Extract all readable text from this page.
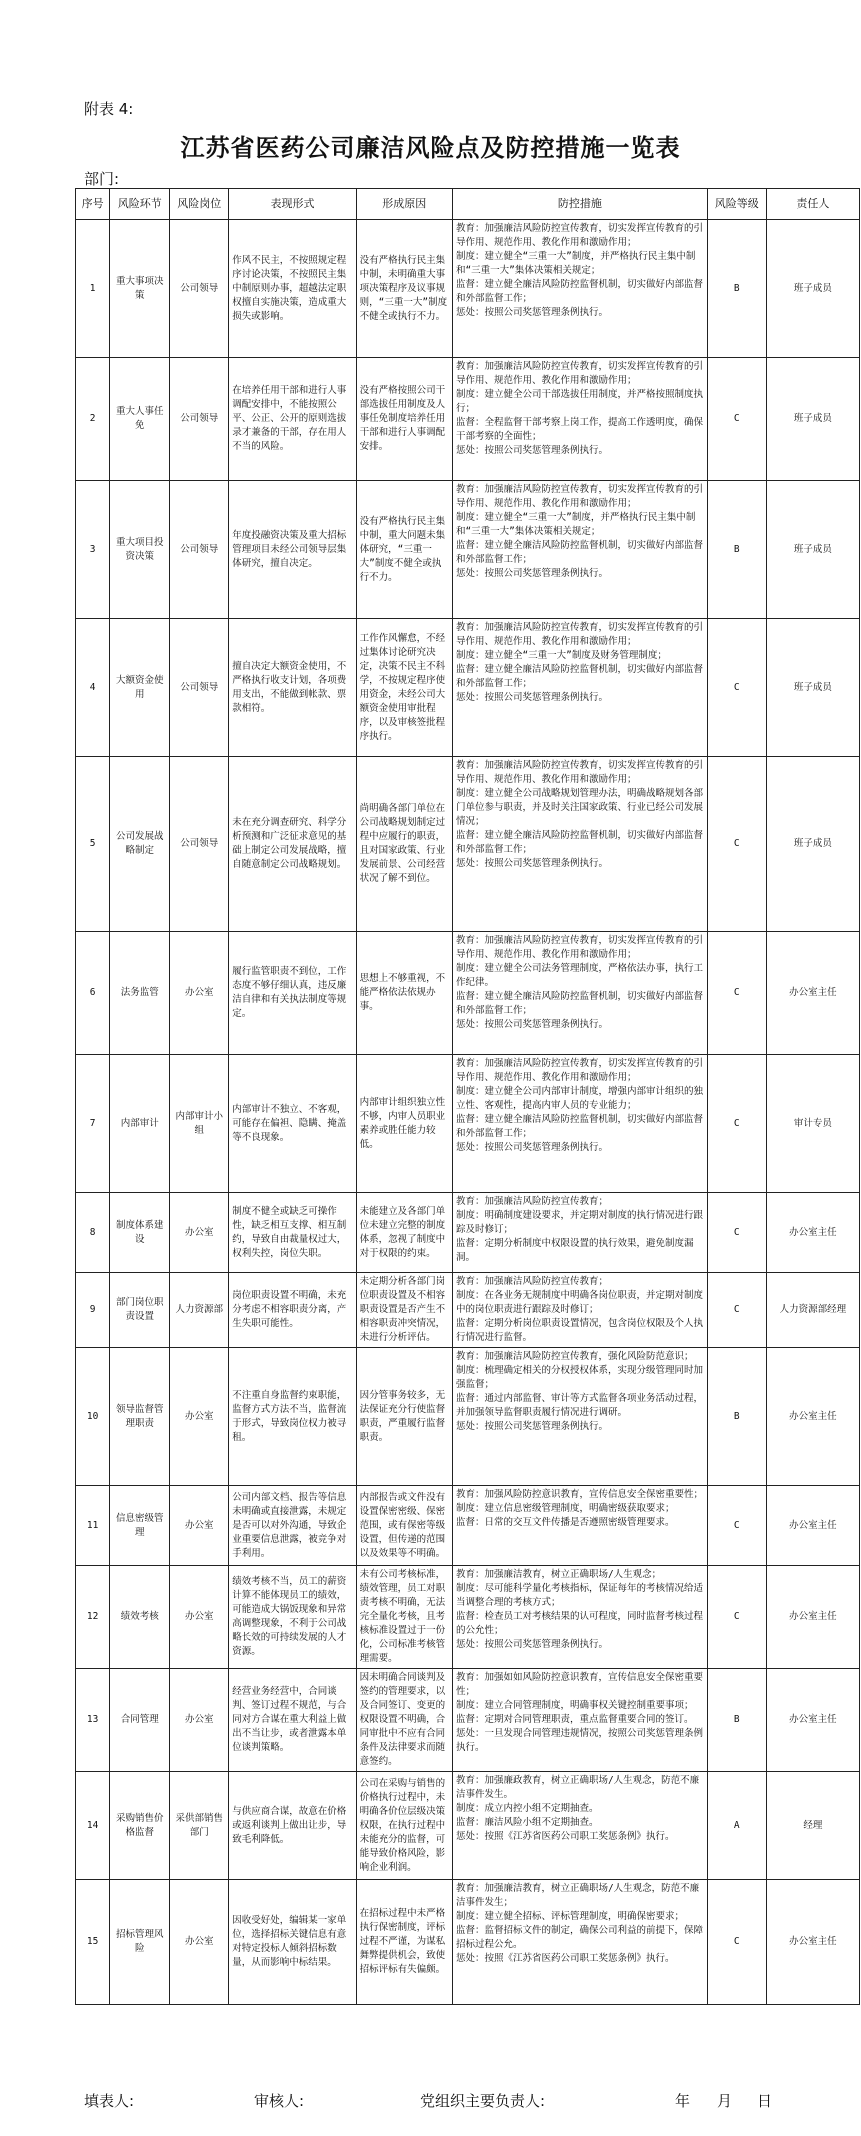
附表 4:
江苏省医药公司廉洁风险点及防控措施一览表
部门:
序号	风险环节	风险岗位	表现形式	形成原因	防控措施	风险等级	责任人
1	重大事项决策	公司领导	作风不民主，不按照规定程序讨论决策，不按照民主集中制原则办事，超越法定职权擅自实施决策，造成重大损失或影响。	没有严格执行民主集中制，未明确重大事项决策程序及议事规则，“三重一大”制度不健全或执行不力。	教育：加强廉洁风险防控宣传教育，切实发挥宣传教育的引导作用、规范作用、教化作用和激励作用；
制度：建立健全“三重一大”制度，并严格执行民主集中制和“三重一大”集体决策相关规定；
监督：建立健全廉洁风险防控监督机制，切实做好内部监督和外部监督工作；
惩处：按照公司奖惩管理条例执行。	B	班子成员
2	重大人事任免	公司领导	在培养任用干部和进行人事调配安排中，不能按照公平、公正、公开的原则选拔录才兼备的干部，存在用人不当的风险。	没有严格按照公司干部选拔任用制度及人事任免制度培养任用干部和进行人事调配安排。	教育：加强廉洁风险防控宣传教育，切实发挥宣传教育的引导作用、规范作用、教化作用和激励作用；
制度：建立健全公司干部选拔任用制度，并严格按照制度执行；
监督：全程监督干部考察上岗工作，提高工作透明度，确保干部考察的全面性；
惩处：按照公司奖惩管理条例执行。	C	班子成员
3	重大项目投资决策	公司领导	年度投融资决策及重大招标管理项目未经公司领导层集体研究，擅自决定。	没有严格执行民主集中制，重大问题未集体研究，“三重一大”制度不健全或执行不力。	教育：加强廉洁风险防控宣传教育，切实发挥宣传教育的引导作用、规范作用、教化作用和激励作用；
制度：建立健全“三重一大”制度，并严格执行民主集中制和“三重一大”集体决策相关规定；
监督：建立健全廉洁风险防控监督机制，切实做好内部监督和外部监督工作；
惩处：按照公司奖惩管理条例执行。	B	班子成员
4	大额资金使用	公司领导	擅自决定大额资金使用，不严格执行收支计划，各项费用支出，不能做到帐款、票款相符。	工作作风懈怠，不经过集体讨论研究决定，决策不民主不科学，不按规定程序使用资金，未经公司大额资金使用审批程序，以及审核签批程序执行。	教育：加强廉洁风险防控宣传教育，切实发挥宣传教育的引导作用、规范作用、教化作用和激励作用；
制度：建立健全“三重一大”制度及财务管理制度；
监督：建立健全廉洁风险防控监督机制，切实做好内部监督和外部监督工作；
惩处：按照公司奖惩管理条例执行。	C	班子成员
5	公司发展战略制定	公司领导	未在充分调查研究、科学分析预测和广泛征求意见的基础上制定公司发展战略，擅自随意制定公司战略规划。	尚明确各部门单位在公司战略规划制定过程中应履行的职责，且对国家政策、行业发展前景、公司经营状况了解不到位。	教育：加强廉洁风险防控宣传教育，切实发挥宣传教育的引导作用、规范作用、教化作用和激励作用；
制度：建立健全公司战略规划管理办法，明确战略规划各部门单位参与职责，并及时关注国家政策、行业已经公司发展情况；
监督：建立健全廉洁风险防控监督机制，切实做好内部监督和外部监督工作；
惩处：按照公司奖惩管理条例执行。	C	班子成员
6	法务监管	办公室	履行监管职责不到位，工作态度不够仔细认真，违反廉洁自律和有关执法制度等规定。	思想上不够重视，不能严格依法依规办事。	教育：加强廉洁风险防控宣传教育，切实发挥宣传教育的引导作用、规范作用、教化作用和激励作用；
制度：建立健全公司法务管理制度，严格依法办事，执行工作纪律。
监督：建立健全廉洁风险防控监督机制，切实做好内部监督和外部监督工作；
惩处：按照公司奖惩管理条例执行。	C	办公室主任
7	内部审计	内部审计小组	内部审计不独立、不客观，可能存在偏袒、隐瞒、掩盖等不良现象。	内部审计组织独立性不够，内审人员职业素养或胜任能力较低。	教育：加强廉洁风险防控宣传教育，切实发挥宣传教育的引导作用、规范作用、教化作用和激励作用；
制度：建立健全公司内部审计制度，增强内部审计组织的独立性、客观性，提高内审人员的专业能力；
监督：建立健全廉洁风险防控监督机制，切实做好内部监督和外部监督工作；
惩处：按照公司奖惩管理条例执行。	C	审计专员
8	制度体系建设	办公室	制度不健全或缺乏可操作性，缺乏相互支撑、相互制约，导致自由裁量权过大，权利失控，岗位失职。	未能建立及各部门单位未建立完整的制度体系，忽视了制度中对于权限的约束。	教育：加强廉洁风险防控宣传教育；
制度：明确制度建设要求，并定期对制度的执行情况进行跟踪及时修订；
监督：定期分析制度中权限设置的执行效果，避免制度漏洞。	C	办公室主任
9	部门岗位职责设置	人力资源部	岗位职责设置不明确，未充分考虑不相容职责分离，产生失职可能性。	未定期分析各部门岗位职责设置及不相容职责设置是否产生不相容职责冲突情况，未进行分析评估。	教育：加强廉洁风险防控宣传教育；
制度：在各业务无规制度中明确各岗位职责，并定期对制度中的岗位职责进行跟踪及时修订；
监督：定期分析岗位职责设置情况，包含岗位权限及个人执行情况进行监督。	C	人力资源部经理
10	领导监督管理职责	办公室	不注重自身监督约束职能，监督方式方法不当，监督流于形式，导致岗位权力被寻租。	因分管事务较多，无法保证充分行使监督职责，严重履行监督职责。	教育：加强廉洁风险防控宣传教育，强化风险防范意识；
制度：梳理确定相关的分权授权体系，实现分级管理同时加强监督；
监督：通过内部监督、审计等方式监督各项业务活动过程，并加强领导监督职责履行情况进行调研。
惩处：按照公司奖惩管理条例执行。	B	办公室主任
11	信息密级管理	办公室	公司内部文档、报告等信息未明确或直接泄露，未规定是否可以对外沟通，导致企业重要信息泄露，被竞争对手利用。	内部报告或文件没有设置保密密级、保密范围，或有保密等级设置，但传递的范围以及效果等不明确。	教育：加强风险防控意识教育，宣传信息安全保密重要性；
制度：建立信息密级管理制度，明确密级获取要求；
监督：日常的交互文件传播是否遵照密级管理要求。	C	办公室主任
12	绩效考核	办公室	绩效考核不当，员工的薪资计算不能体现员工的绩效，可能造成大锅饭现象和异常高调整现象，不利于公司战略长效的可持续发展的人才资源。	未有公司考核标准，绩效管理，员工对职责考核不明确，无法完全量化考核，且考核标准设置过于一份化，公司标准考核管理需要。	教育：加强廉洁教育，树立正确职场/人生观念；
制度：尽可能科学量化考核指标，保证每年的考核情况给适当调整合理的考核方式；
监督：检查员工对考核结果的认可程度，同时监督考核过程的公允性；
惩处：按照公司奖惩管理条例执行。	C	办公室主任
13	合同管理	办公室	经营业务经营中，合同谈判、签订过程不规范，与合同对方合谋在重大利益上做出不当让步，或者泄露本单位谈判策略。	因未明确合同谈判及签约的管理要求，以及合同签订、变更的权限设置不明确，合同审批中不应有合同条件及法律要求而随意签约。	教育：加强如如风险防控意识教育，宣传信息安全保密重要性；
制度：建立合同管理制度，明确事权关键控制重要事项；
监督：定期对合同管理职责，重点监督重要合同的签订。
惩处：一旦发现合同管理违规情况，按照公司奖惩管理条例执行。	B	办公室主任
14	采购销售价格监督	采供部销售部门	与供应商合谋，故意在价格或返利谈判上做出让步，导致毛利降低。	公司在采购与销售的价格执行过程中，未明确各价位层级决策权限，在执行过程中未能充分的监督，可能导致价格风险，影响企业利润。	教育：加强廉政教育，树立正确职场/人生观念，防范不廉洁事件发生。
制度：成立内控小组不定期抽查。
监督：廉洁风险小组不定期抽查。
惩处：按照《江苏省医药公司职工奖惩条例》执行。	A	经理
15	招标管理风险	办公室	因收受好处，编辑某一家单位，选择招标关键信息有意对特定投标人倾斜招标数量，从而影响中标结果。	在招标过程中未严格执行保密制度，评标过程不严谨，为谋私舞弊提供机会，致使招标评标有失偏颇。	教育：加强廉洁教育，树立正确职场/人生观念，防范不廉洁事件发生；
制度：建立健全招标、评标管理制度，明确保密要求；
监督：监督招标文件的制定，确保公司利益的前提下，保障招标过程公允。
惩处：按照《江苏省医药公司职工奖惩条例》执行。	C	办公室主任
填表人:	审核人:	党组织主要负责人:	年 月 日
